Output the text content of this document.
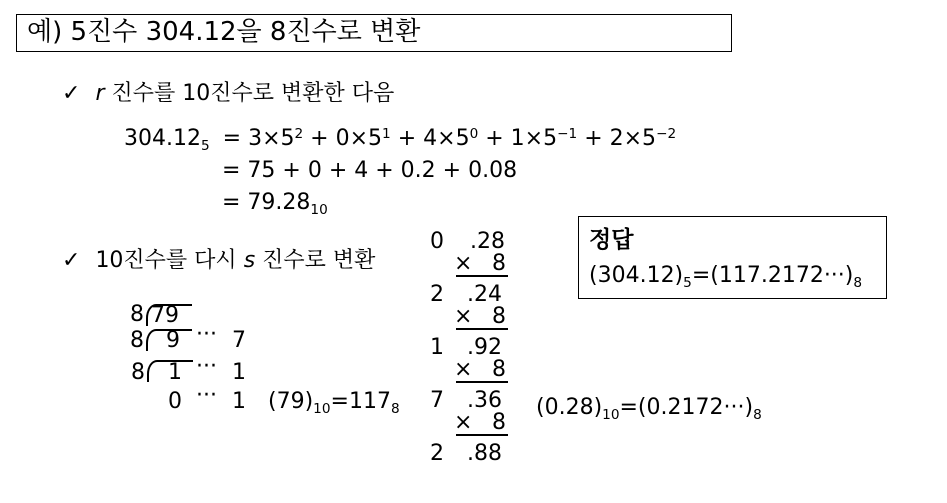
예) 5진수 304.12을 8진수로 변환
✓ r 진수를 10진수로 변환한 다음
$304.12_5 = 3\times 5^2 + 0\times 5^1 + 4\times 5^0 + 1\times 5^{-1} + 2\times 5^{-2}$
= 75 + 0 + 4 + 0.2 + 0.08
= $79.28_{10}$
✓ 10진수를 다시 s 진수로 변환
정답
$(304.12)_5=(117.2172\cdot\cdot\cdot)_8$
8 79
8 9 ··· 7
8 1 ··· 1
0 ··· 1 $(79)_{10}=117_8$
0 .28
× 8
2 .24
× 8
1 .92
× 8
7 .36
× 8
2 .88
$(0.28)_{10}=(0.2172\cdot\cdot\cdot)_8$
